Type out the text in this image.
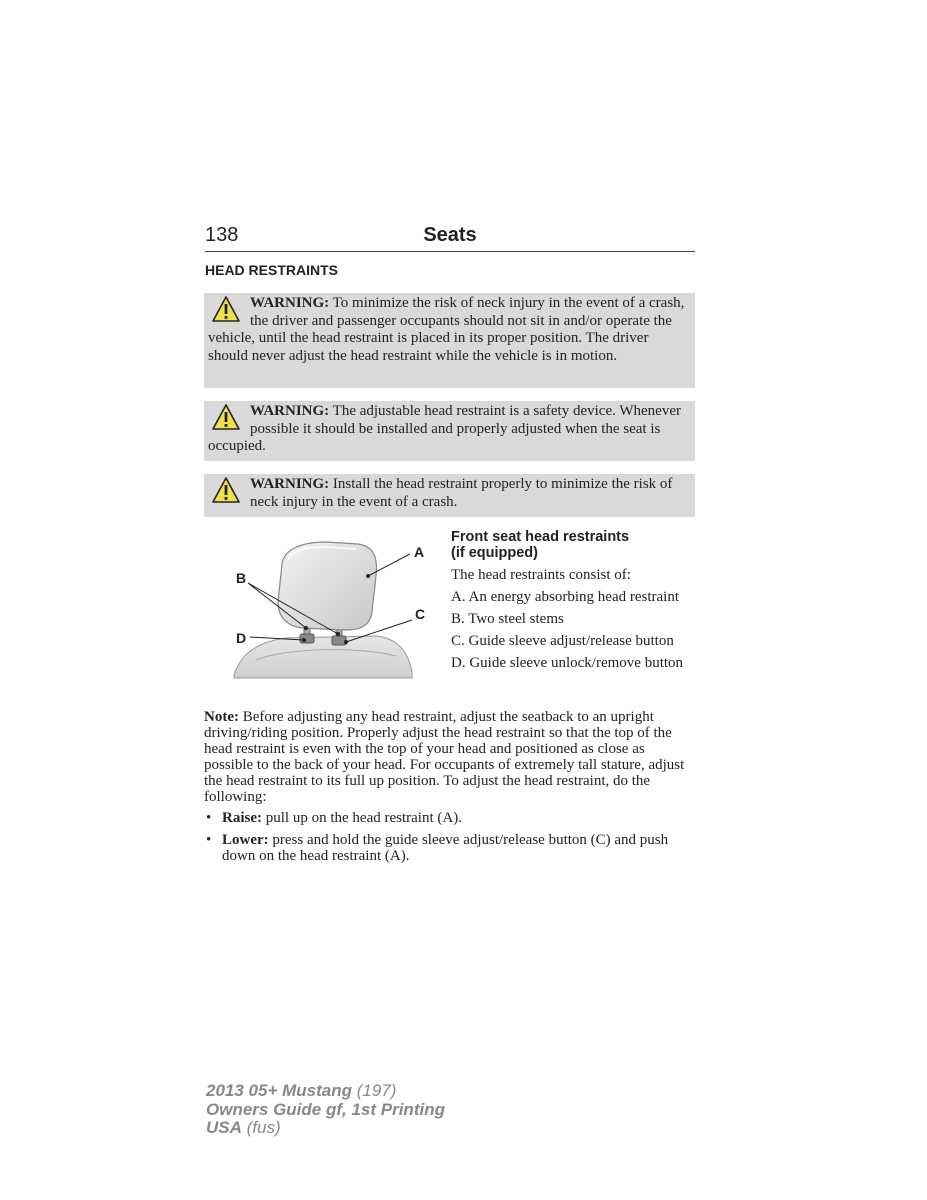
138	Seats
HEAD RESTRAINTS
WARNING: To minimize the risk of neck injury in the event of a crash, the driver and passenger occupants should not sit in and/or operate the vehicle, until the head restraint is placed in its proper position. The driver should never adjust the head restraint while the vehicle is in motion.
WARNING: The adjustable head restraint is a safety device. Whenever possible it should be installed and properly adjusted when the seat is occupied.
WARNING: Install the head restraint properly to minimize the risk of neck injury in the event of a crash.
A
B
C
D
Front seat head restraints
(if equipped)

The head restraints consist of:

A. An energy absorbing head restraint

B. Two steel stems

C. Guide sleeve adjust/release button

D. Guide sleeve unlock/remove button

Note: Before adjusting any head restraint, adjust the seatback to an upright driving/riding position. Properly adjust the head restraint so that the top of the head restraint is even with the top of your head and positioned as close as possible to the back of your head. For occupants of extremely tall stature, adjust the head restraint to its full up position. To adjust the head restraint, do the following:
• Raise: pull up on the head restraint (A).
• Lower: press and hold the guide sleeve adjust/release button (C) and push down on the head restraint (A).
2013 05+ Mustang (197)
Owners Guide gf, 1st Printing
USA (fus)
